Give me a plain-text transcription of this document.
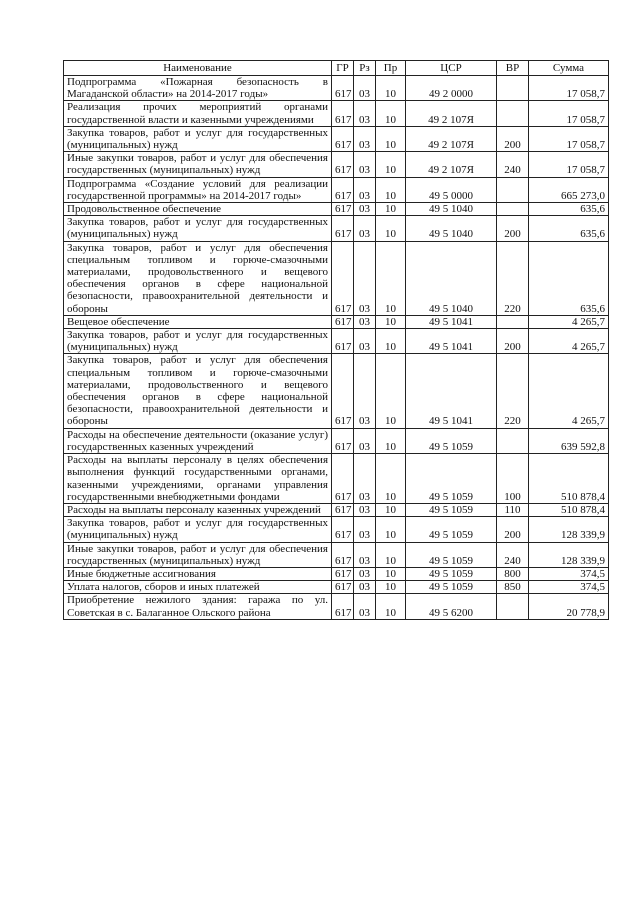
Наименование	ГР	Рз	Пр	ЦСР	ВР	Сумма
Подпрограмма «Пожарная безопасность в Магаданской области» на 2014-2017 годы»	617	03	10	49 2 0000		17 058,7
Реализация прочих мероприятий органами государственной власти и казенными учреждениями	617	03	10	49 2 107Я		17 058,7
Закупка товаров, работ и услуг для государственных (муниципальных) нужд	617	03	10	49 2 107Я	200	17 058,7
Иные закупки товаров, работ и услуг для обеспечения государственных (муниципальных) нужд	617	03	10	49 2 107Я	240	17 058,7
Подпрограмма «Создание условий для реализации государственной программы» на 2014-2017 годы»	617	03	10	49 5 0000		665 273,0
Продовольственное обеспечение	617	03	10	49 5 1040		635,6
Закупка товаров, работ и услуг для государственных (муниципальных) нужд	617	03	10	49 5 1040	200	635,6
Закупка товаров, работ и услуг для обеспечения специальным топливом и горюче-смазочными материалами, продовольственного и вещевого обеспечения органов в сфере национальной безопасности, правоохранительной деятельности и обороны	617	03	10	49 5 1040	220	635,6
Вещевое обеспечение	617	03	10	49 5 1041		4 265,7
Закупка товаров, работ и услуг для государственных (муниципальных) нужд	617	03	10	49 5 1041	200	4 265,7
Закупка товаров, работ и услуг для обеспечения специальным топливом и горюче-смазочными материалами, продовольственного и вещевого обеспечения органов в сфере национальной безопасности, правоохранительной деятельности и обороны	617	03	10	49 5 1041	220	4 265,7
Расходы на обеспечение деятельности (оказание услуг) государственных казенных учреждений	617	03	10	49 5 1059		639 592,8
Расходы на выплаты персоналу в целях обеспечения выполнения функций государственными органами, казенными учреждениями, органами управления государственными внебюджетными фондами	617	03	10	49 5 1059	100	510 878,4
Расходы на выплаты персоналу казенных учреждений	617	03	10	49 5 1059	110	510 878,4
Закупка товаров, работ и услуг для государственных (муниципальных) нужд	617	03	10	49 5 1059	200	128 339,9
Иные закупки товаров, работ и услуг для обеспечения государственных (муниципальных) нужд	617	03	10	49 5 1059	240	128 339,9
Иные бюджетные ассигнования	617	03	10	49 5 1059	800	374,5
Уплата налогов, сборов и иных платежей	617	03	10	49 5 1059	850	374,5
Приобретение нежилого здания: гаража по ул. Советская в с. Балаганное Ольского района	617	03	10	49 5 6200		20 778,9
